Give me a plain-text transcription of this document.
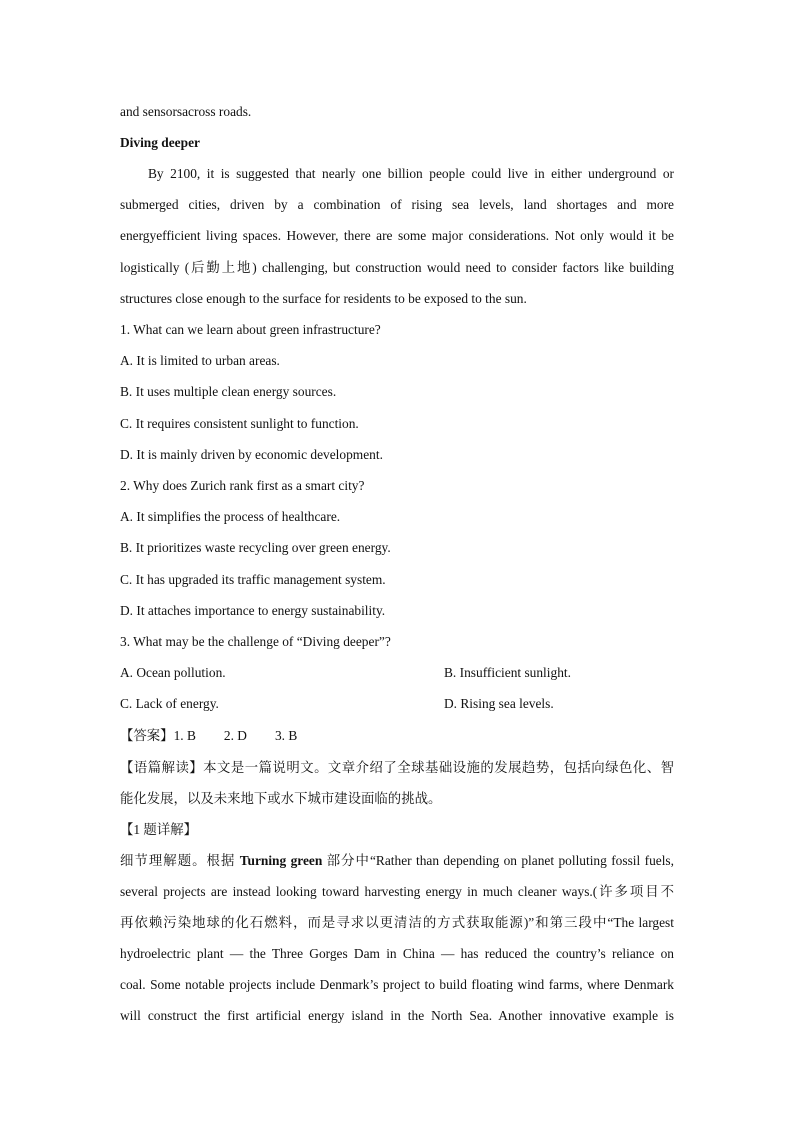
and sensorsacross roads.
Diving deeper
By 2100, it is suggested that nearly one billion people could live in either underground or
submerged cities, driven by a combination of rising sea levels, land shortages and more
energyefficient living spaces. However, there are some major considerations. Not only would it be
logistically (后勤上地) challenging, but construction would need to consider factors like building
structures close enough to the surface for residents to be exposed to the sun.
1. What can we learn about green infrastructure?
A. It is limited to urban areas.
B. It uses multiple clean energy sources.
C. It requires consistent sunlight to function.
D. It is mainly driven by economic development.
2. Why does Zurich rank first as a smart city?
A. It simplifies the process of healthcare.
B. It prioritizes waste recycling over green energy.
C. It has upgraded its traffic management system.
D. It attaches importance to energy sustainability.
3. What may be the challenge of “Diving deeper”?
A. Ocean pollution.	B. Insufficient sunlight.
C. Lack of energy.	D. Rising sea levels.
【答案】1. B 2. D 3. B
【语篇解读】本文是一篇说明文。文章介绍了全球基础设施的发展趋势，包括向绿色化、智
能化发展，以及未来地下或水下城市建设面临的挑战。
【1 题详解】
细节理解题。根据 Turning green 部分中“Rather than depending on planet polluting fossil fuels,
several projects are instead looking toward harvesting energy in much cleaner ways.(许多项目不
再依赖污染地球的化石燃料，而是寻求以更清洁的方式获取能源)”和第三段中“The largest
hydroelectric plant — the Three Gorges Dam in China — has reduced the country’s reliance on
coal. Some notable projects include Denmark’s project to build floating wind farms, where Denmark
will construct the first artificial energy island in the North Sea. Another innovative example is
